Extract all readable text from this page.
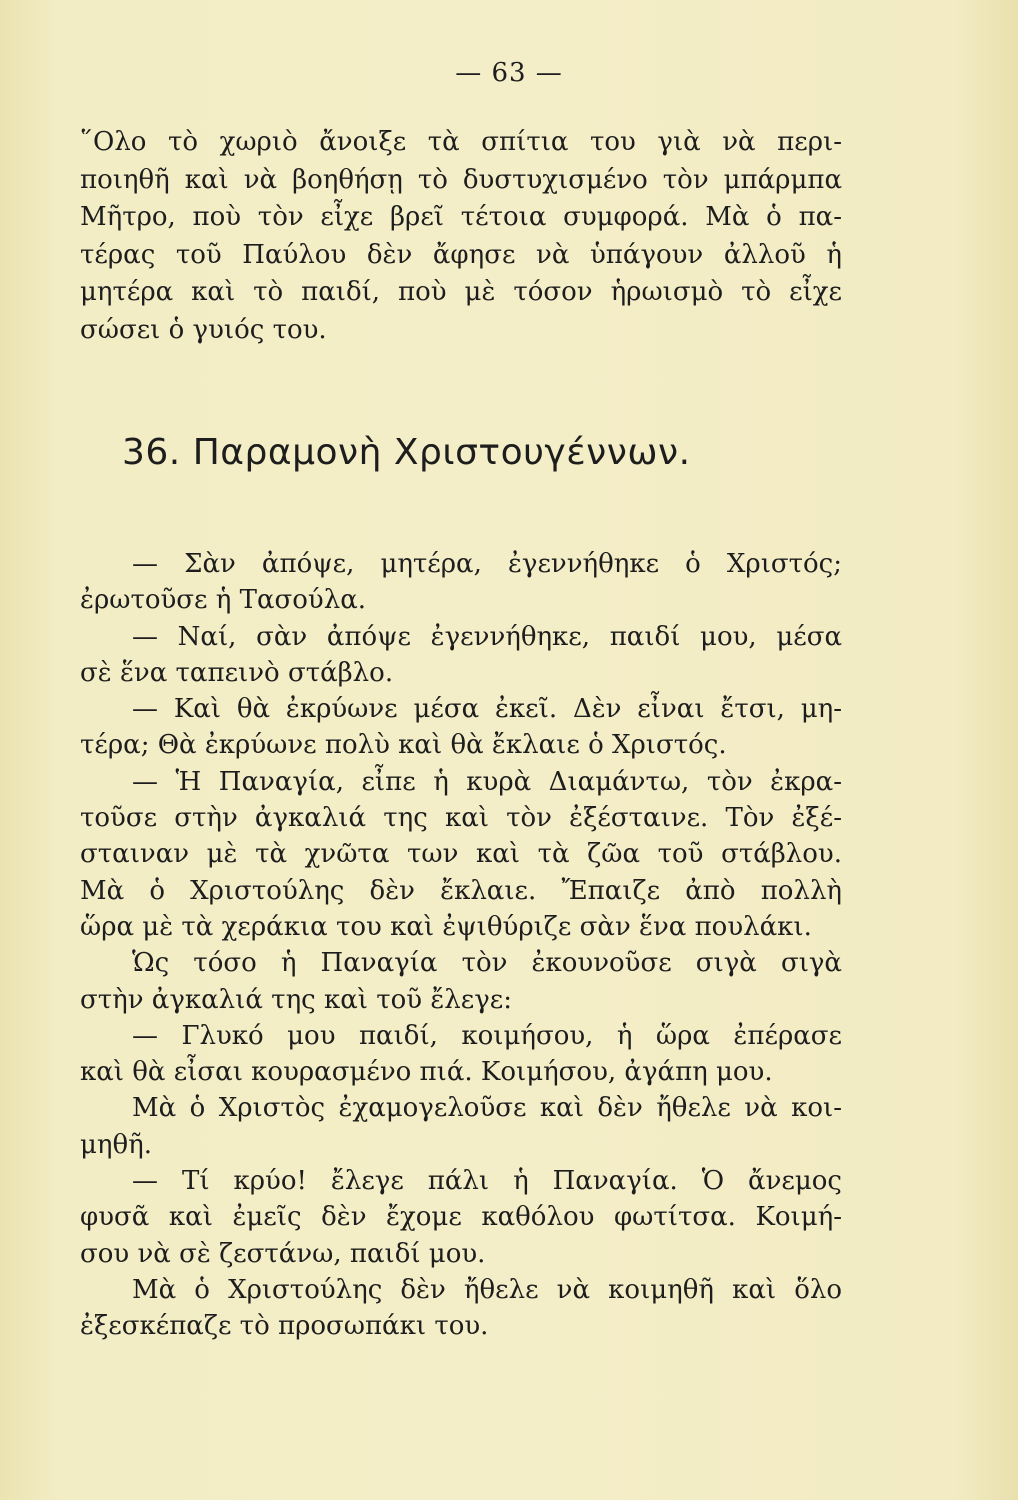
— 63 —
῞Ολο τὸ χωριὸ ἄνοιξε τὰ σπίτια του γιὰ νὰ περι-
ποιηθῆ καὶ νὰ βοηθήσῃ τὸ δυστυχισμένο τὸν μπάρμπα
Μῆτρο, ποὺ τὸν εἶχε βρεῖ τέτοια συμφορά. Μὰ ὁ πα-
τέρας τοῦ Παύλου δὲν ἄφησε νὰ ὑπάγουν ἀλλοῦ ἡ
μητέρα καὶ τὸ παιδί, ποὺ μὲ τόσον ἡρωισμὸ τὸ εἶχε
σώσει ὁ γυιός του.
36. Παραμονὴ Χριστουγέννων.
— Σὰν ἀπόψε, μητέρα, ἐγεννήθηκε ὁ Χριστός;
ἐρωτοῦσε ἡ Τασούλα.
— Ναί, σὰν ἀπόψε ἐγεννήθηκε, παιδί μου, μέσα
σὲ ἕνα ταπεινὸ στάβλο.
— Καὶ θὰ ἐκρύωνε μέσα ἐκεῖ. Δὲν εἶναι ἔτσι, μη-
τέρα; Θὰ ἐκρύωνε πολὺ καὶ θὰ ἔκλαιε ὁ Χριστός.
— Ἡ Παναγία, εἶπε ἡ κυρὰ Διαμάντω, τὸν ἐκρα-
τοῦσε στὴν ἀγκαλιά της καὶ τὸν ἐξέσταινε. Τὸν ἐξέ-
σταιναν μὲ τὰ χνῶτα των καὶ τὰ ζῶα τοῦ στάβλου.
Μὰ ὁ Χριστούλης δὲν ἔκλαιε. Ἔπαιζε ἀπὸ πολλὴ
ὥρα μὲ τὰ χεράκια του καὶ ἐψιθύριζε σὰν ἕνα πουλάκι.
Ὡς τόσο ἡ Παναγία τὸν ἐκουνοῦσε σιγὰ σιγὰ
στὴν ἀγκαλιά της καὶ τοῦ ἔλεγε:
— Γλυκό μου παιδί, κοιμήσου, ἡ ὥρα ἐπέρασε
καὶ θὰ εἶσαι κουρασμένο πιά. Κοιμήσου, ἀγάπη μου.
Μὰ ὁ Χριστὸς ἐχαμογελοῦσε καὶ δὲν ἤθελε νὰ κοι-
μηθῆ.
— Τί κρύο! ἔλεγε πάλι ἡ Παναγία. Ὁ ἄνεμος
φυσᾶ καὶ ἐμεῖς δὲν ἔχομε καθόλου φωτίτσα. Κοιμή-
σου νὰ σὲ ζεστάνω, παιδί μου.
Μὰ ὁ Χριστούλης δὲν ἤθελε νὰ κοιμηθῆ καὶ ὅλο
ἐξεσκέπαζε τὸ προσωπάκι του.
